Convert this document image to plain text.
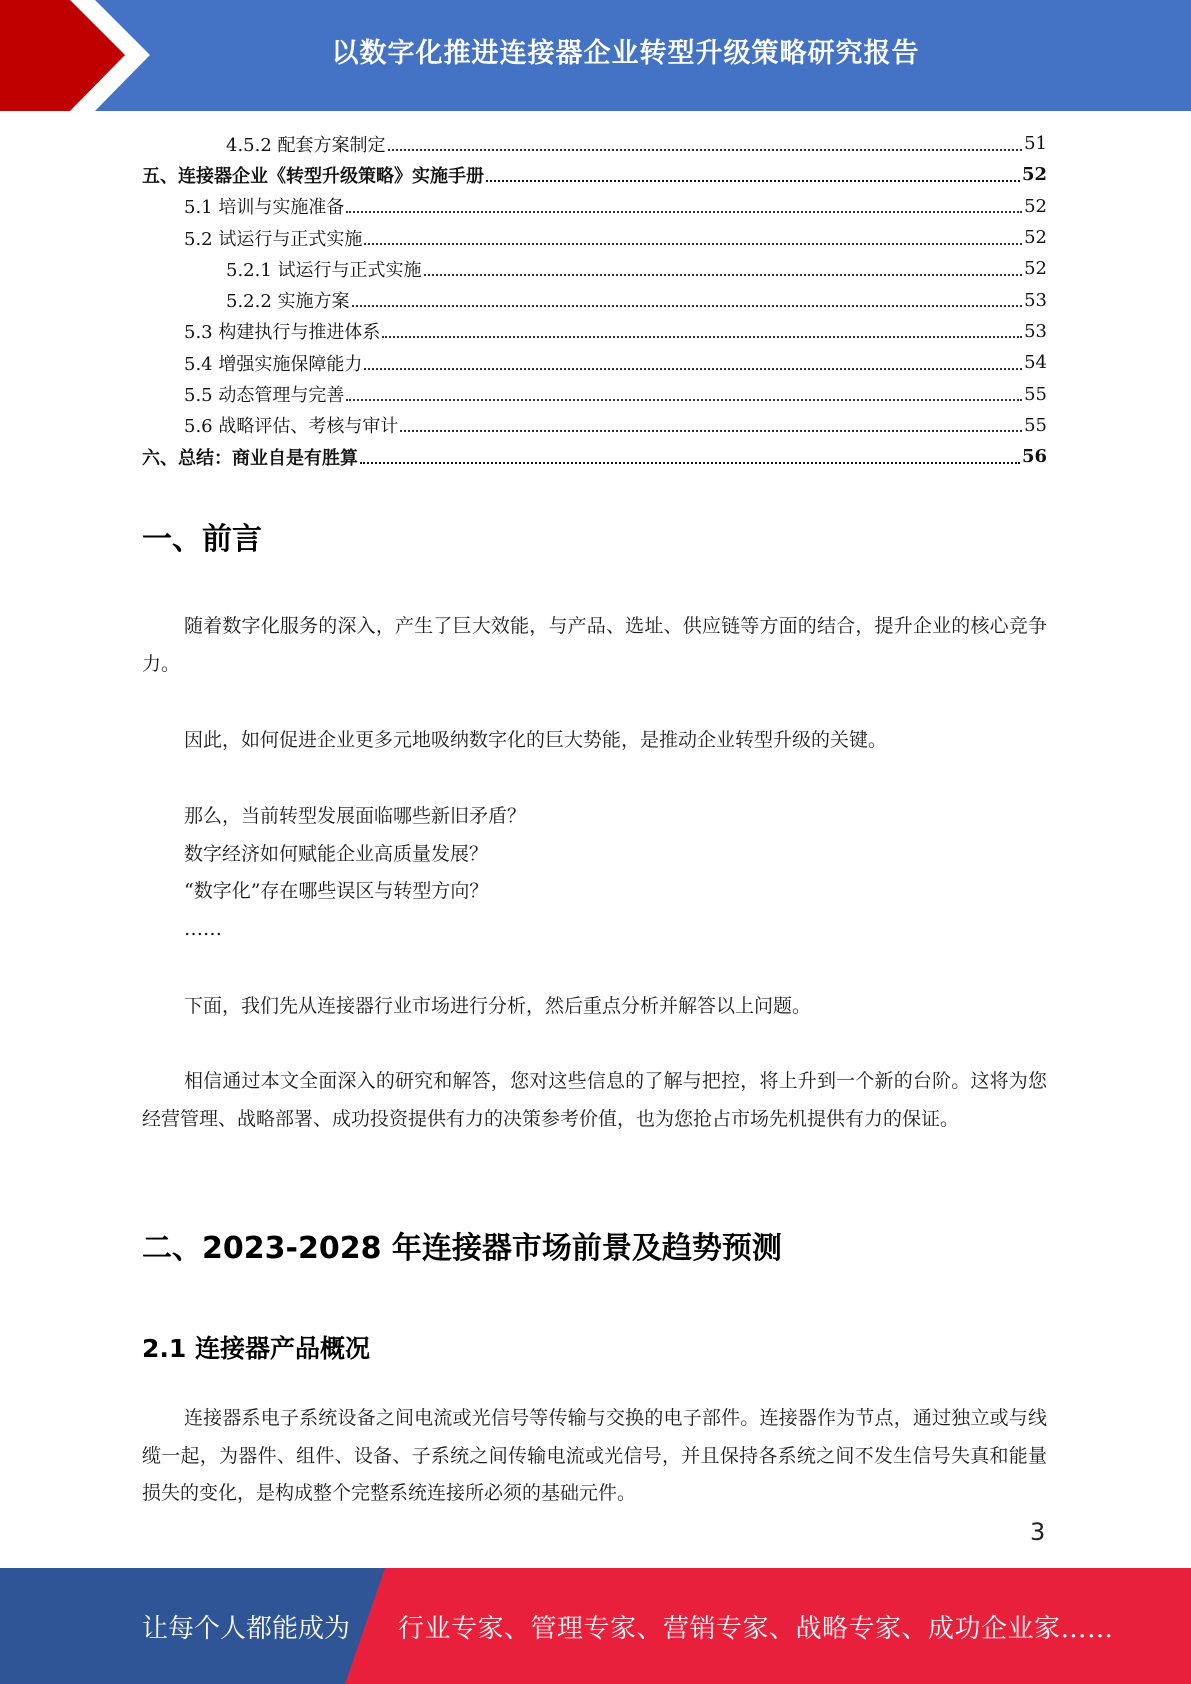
以数字化推进连接器企业转型升级策略研究报告
4.5.2 配套方案制定	51
五、连接器企业《转型升级策略》实施手册	52
5.1 培训与实施准备	52
5.2 试运行与正式实施	52
5.2.1 试运行与正式实施	52
5.2.2 实施方案	53
5.3 构建执行与推进体系	53
5.4 增强实施保障能力	54
5.5 动态管理与完善	55
5.6 战略评估、考核与审计	55
六、总结：商业自是有胜算	56
一、前言
随着数字化服务的深入，产生了巨大效能，与产品、选址、供应链等方面的结合，提升企业的核心竞争力。
因此，如何促进企业更多元地吸纳数字化的巨大势能，是推动企业转型升级的关键。
那么，当前转型发展面临哪些新旧矛盾？
数字经济如何赋能企业高质量发展？
“数字化”存在哪些误区与转型方向？
……
下面，我们先从连接器行业市场进行分析，然后重点分析并解答以上问题。
相信通过本文全面深入的研究和解答，您对这些信息的了解与把控，将上升到一个新的台阶。这将为您经营管理、战略部署、成功投资提供有力的决策参考价值，也为您抢占市场先机提供有力的保证。
二、2023-2028 年连接器市场前景及趋势预测
2.1 连接器产品概况
连接器系电子系统设备之间电流或光信号等传输与交换的电子部件。连接器作为节点，通过独立或与线缆一起，为器件、组件、设备、子系统之间传输电流或光信号，并且保持各系统之间不发生信号失真和能量损失的变化，是构成整个完整系统连接所必须的基础元件。
3
让每个人都能成为 行业专家、管理专家、营销专家、战略专家、成功企业家……
